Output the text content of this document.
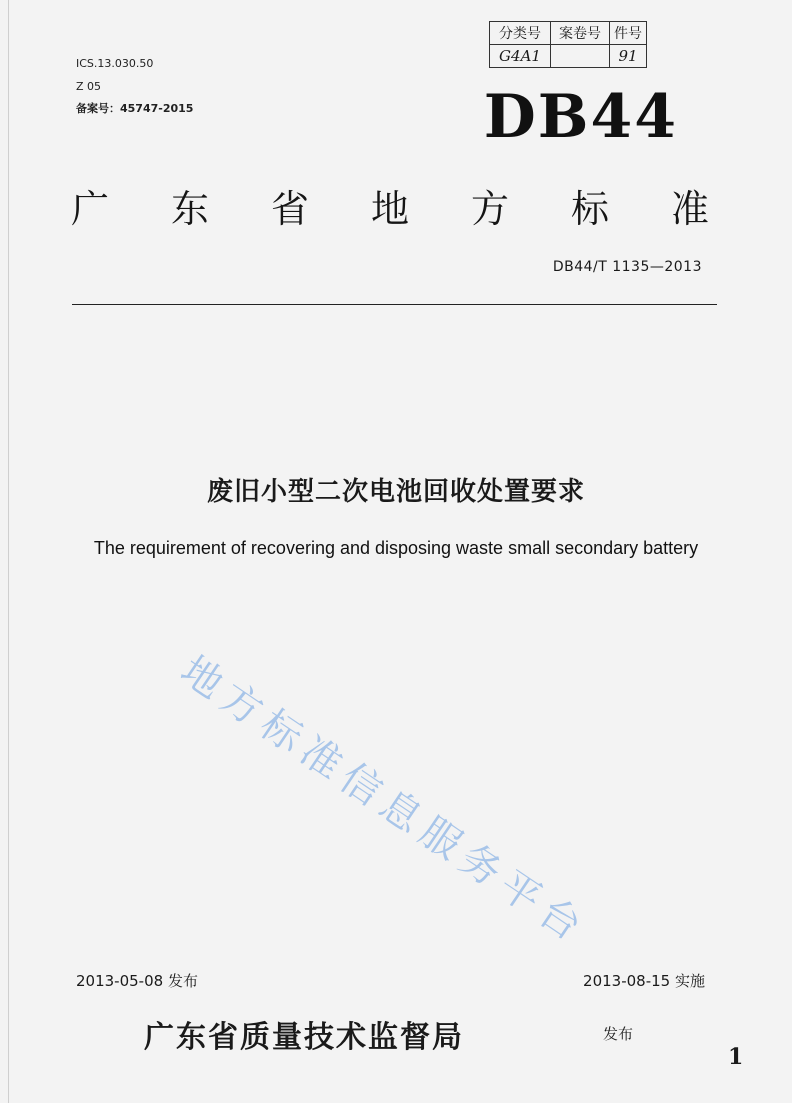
分类号	案卷号	件号
G4A1		91
ICS.13.030.50
Z 05
备案号：45747-2015	DB44
广 东 省 地 方 标 准
DB44/T 1135—2013
废旧小型二次电池回收处置要求
The requirement of recovering and disposing waste small secondary battery
地方标准信息服务平台
2013-05-08 发布	2013-08-15 实施
广东省质量技术监督局	发布
1
